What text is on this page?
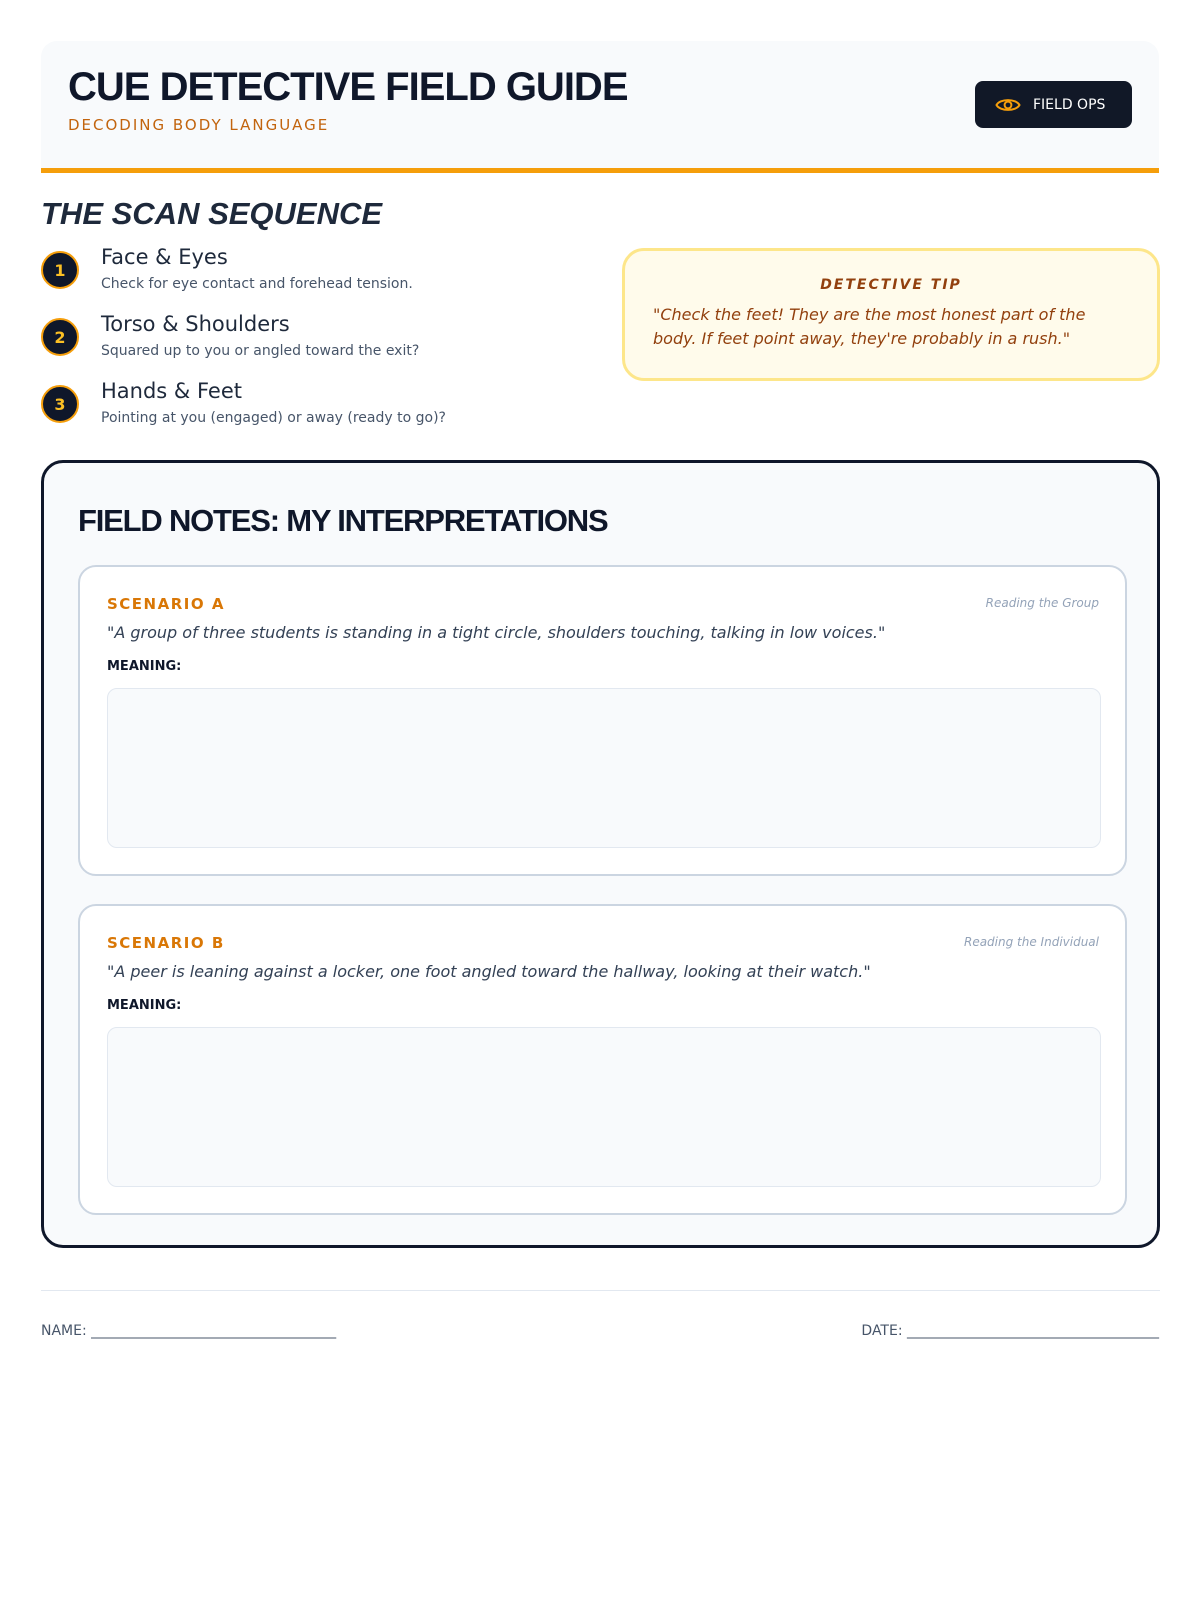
CUE DETECTIVE FIELD GUIDE
DECODING BODY LANGUAGE
FIELD OPS
THE SCAN SEQUENCE
1
Face & Eyes
Check for eye contact and forehead tension.
2
Torso & Shoulders
Squared up to you or angled toward the exit?
3
Hands & Feet
Pointing at you (engaged) or away (ready to go)?
DETECTIVE TIP
"Check the feet! They are the most honest part of the body. If feet point away, they're probably in a rush."
FIELD NOTES: MY INTERPRETATIONS
SCENARIO A	Reading the Group
"A group of three students is standing in a tight circle, shoulders touching, talking in low voices."
MEANING:
SCENARIO B	Reading the Individual
"A peer is leaning against a locker, one foot angled toward the hallway, looking at their watch."
MEANING:
NAME: ___________________________________	DATE: ____________________________________
